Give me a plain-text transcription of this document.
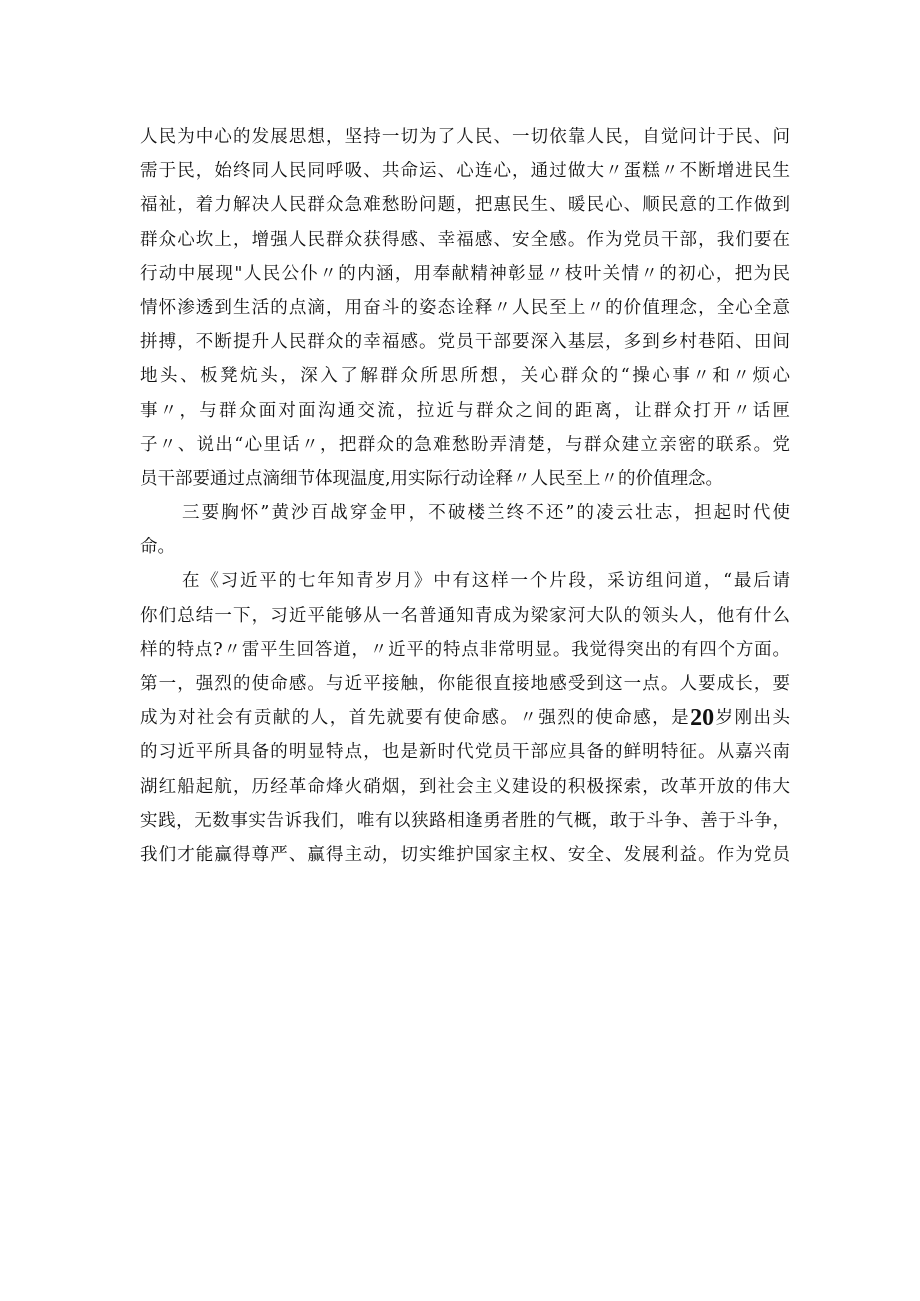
人民为中心的发展思想，坚持一切为了人民、一切依靠人民，自觉问计于民、问
需于民，始终同人民同呼吸、共命运、心连心，通过做大〃蛋糕〃不断增进民生
福祉，着力解决人民群众急难愁盼问题，把惠民生、暖民心、顺民意的工作做到
群众心坎上，增强人民群众获得感、幸福感、安全感。作为党员干部，我们要在
行动中展现"人民公仆〃的内涵，用奉献精神彰显〃枝叶关情〃的初心，把为民
情怀渗透到生活的点滴，用奋斗的姿态诠释〃人民至上〃的价值理念，全心全意
拼搏，不断提升人民群众的幸福感。党员干部要深入基层，多到乡村巷陌、田间
地头、板凳炕头，深入了解群众所思所想，关心群众的“操心事〃和〃烦心
事〃，与群众面对面沟通交流，拉近与群众之间的距离，让群众打开〃话匣
子〃、说出“心里话〃，把群众的急难愁盼弄清楚，与群众建立亲密的联系。党
员干部要通过点滴细节体现温度,用实际行动诠释〃人民至上〃的价值理念。
三要胸怀”黄沙百战穿金甲，不破楼兰终不还”的凌云壮志，担起时代使
命。
在《习近平的七年知青岁月》中有这样一个片段，采访组问道，“最后请
你们总结一下，习近平能够从一名普通知青成为梁家河大队的领头人，他有什么
样的特点?〃雷平生回答道，〃近平的特点非常明显。我觉得突出的有四个方面。
第一，强烈的使命感。与近平接触，你能很直接地感受到这一点。人要成长，要
成为对社会有贡献的人，首先就要有使命感。〃强烈的使命感，是20岁刚出头
的习近平所具备的明显特点，也是新时代党员干部应具备的鲜明特征。从嘉兴南
湖红船起航，历经革命烽火硝烟，到社会主义建设的积极探索，改革开放的伟大
实践，无数事实告诉我们，唯有以狭路相逢勇者胜的气概，敢于斗争、善于斗争，
我们才能赢得尊严、赢得主动，切实维护国家主权、安全、发展利益。作为党员
